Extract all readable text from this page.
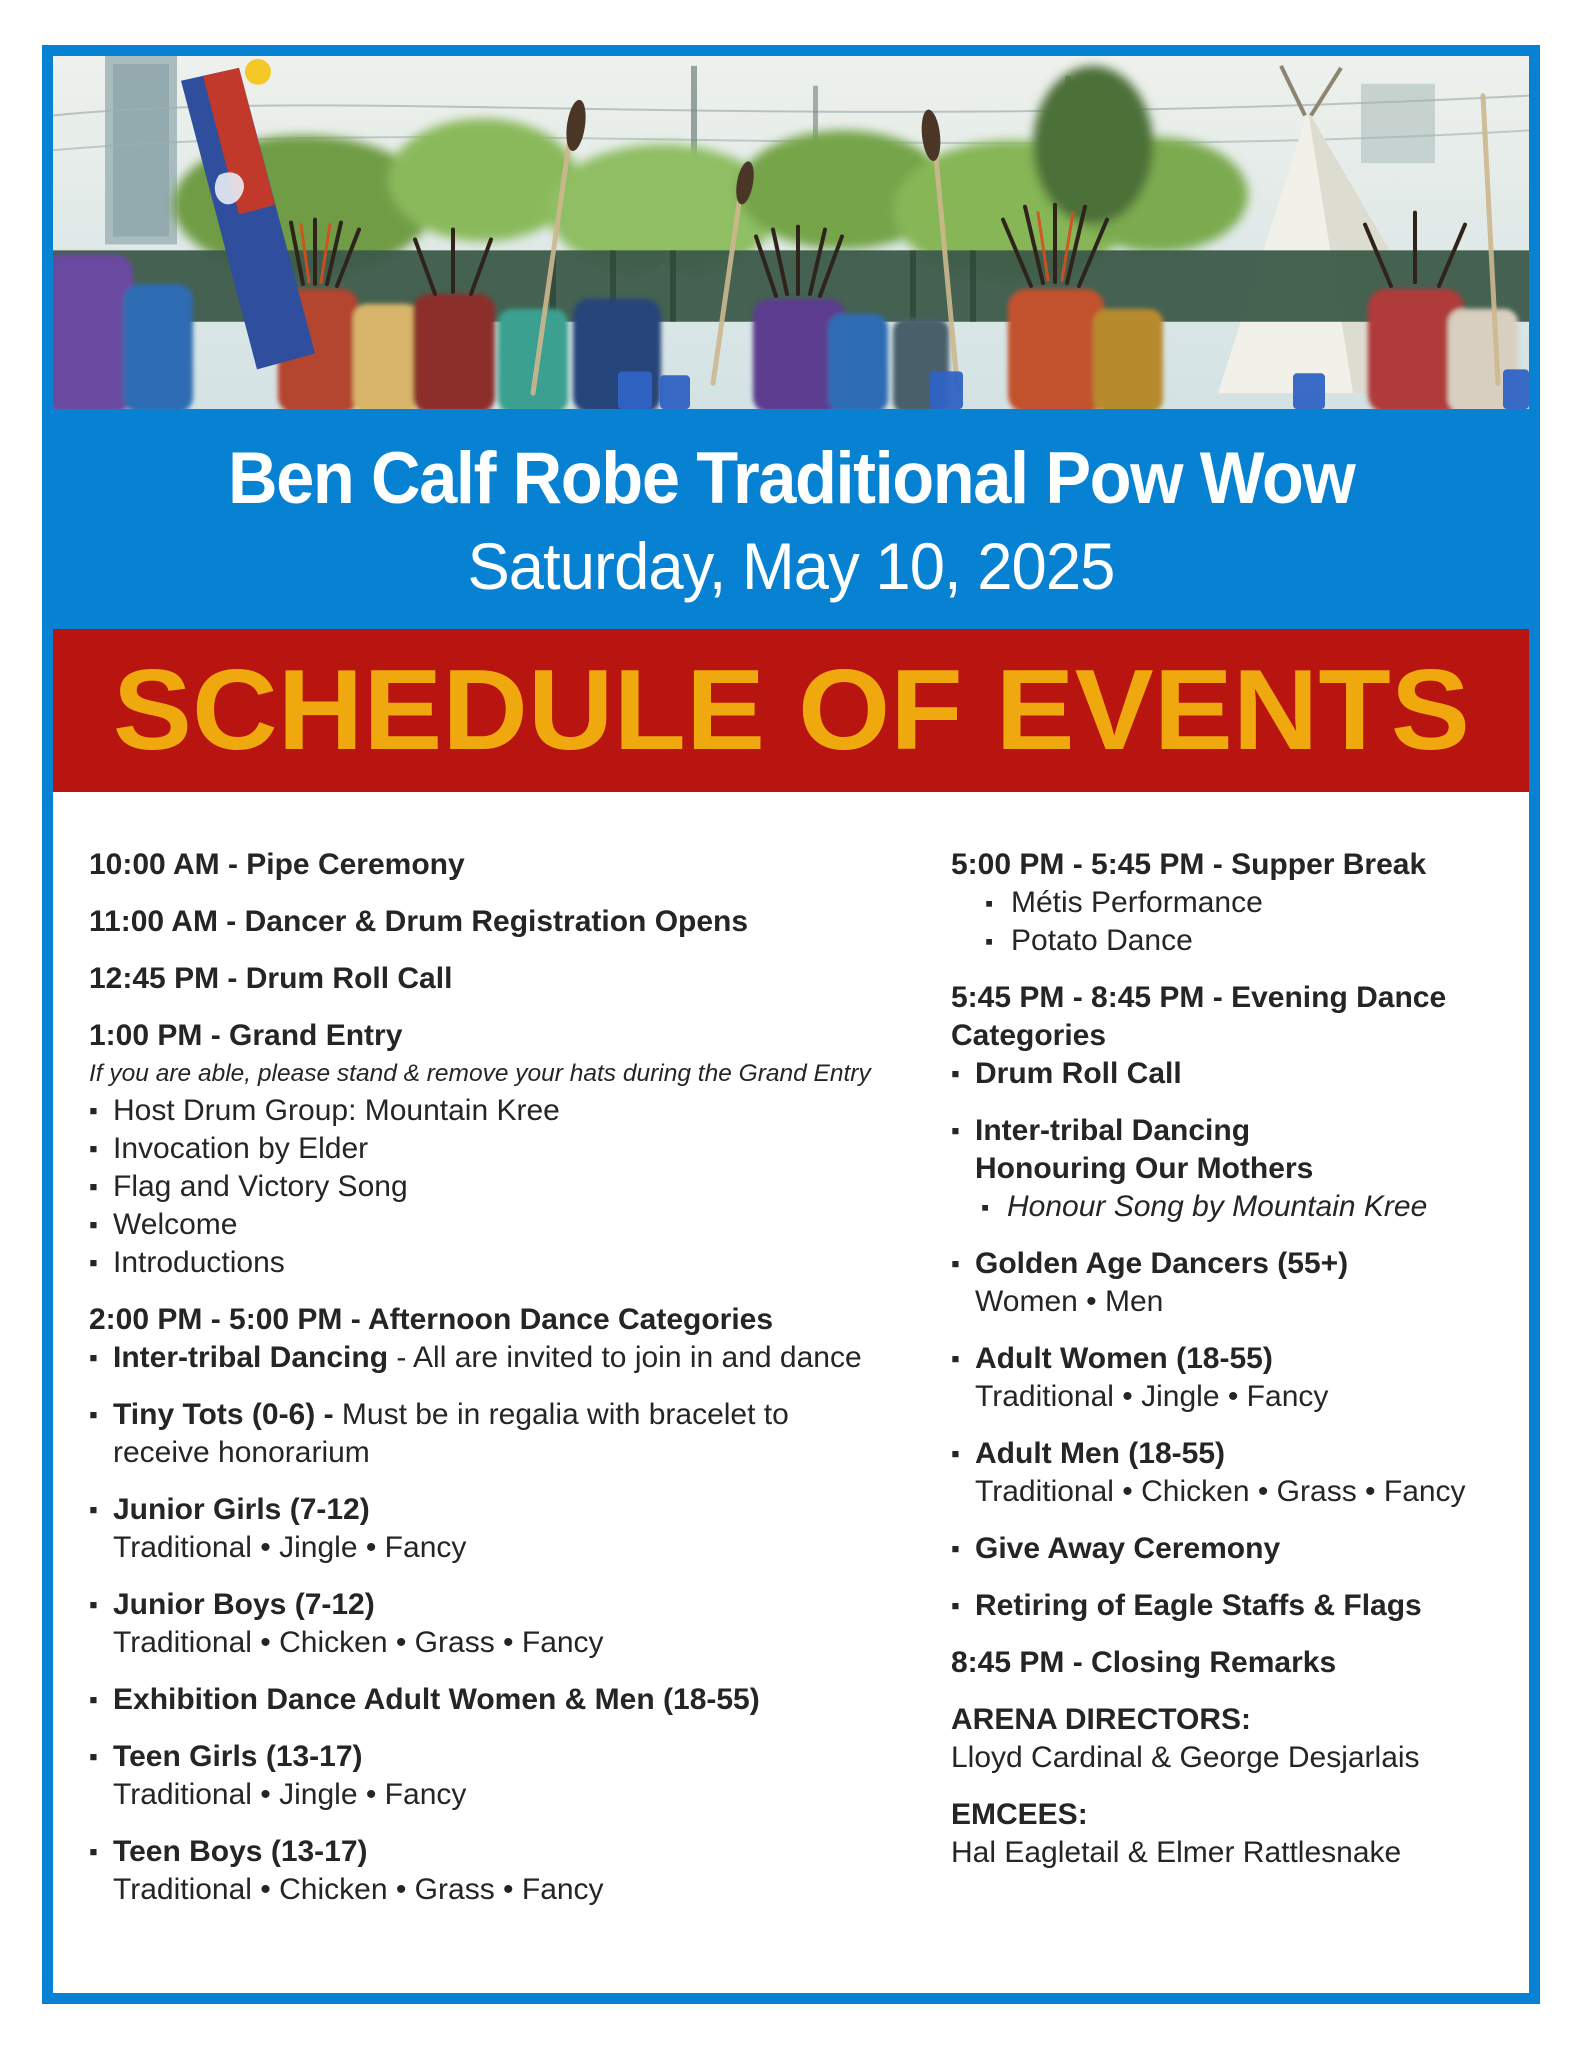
Ben Calf Robe Traditional Pow Wow
Saturday, May 10, 2025
SCHEDULE OF EVENTS
10:00 AM - Pipe Ceremony
11:00 AM - Dancer & Drum Registration Opens
12:45 PM - Drum Roll Call
1:00 PM - Grand Entry
If you are able, please stand & remove your hats during the Grand Entry
▪ Host Drum Group: Mountain Kree
▪ Invocation by Elder
▪ Flag and Victory Song
▪ Welcome
▪ Introductions
2:00 PM - 5:00 PM - Afternoon Dance Categories
▪ Inter-tribal Dancing - All are invited to join in and dance
▪ Tiny Tots (0-6) - Must be in regalia with bracelet to receive honorarium
▪ Junior Girls (7-12)
Traditional • Jingle • Fancy
▪ Junior Boys (7-12)
Traditional • Chicken • Grass • Fancy
▪ Exhibition Dance Adult Women & Men (18-55)
▪ Teen Girls (13-17)
Traditional • Jingle • Fancy
▪ Teen Boys (13-17)
Traditional • Chicken • Grass • Fancy
5:00 PM - 5:45 PM - Supper Break
▪ Métis Performance
▪ Potato Dance
5:45 PM - 8:45 PM - Evening Dance Categories
▪ Drum Roll Call
▪ Inter-tribal Dancing
Honouring Our Mothers
▪ Honour Song by Mountain Kree
▪ Golden Age Dancers (55+)
Women • Men
▪ Adult Women (18-55)
Traditional • Jingle • Fancy
▪ Adult Men (18-55)
Traditional • Chicken • Grass • Fancy
▪ Give Away Ceremony
▪ Retiring of Eagle Staffs & Flags
8:45 PM - Closing Remarks
ARENA DIRECTORS:
Lloyd Cardinal & George Desjarlais
EMCEES:
Hal Eagletail & Elmer Rattlesnake
